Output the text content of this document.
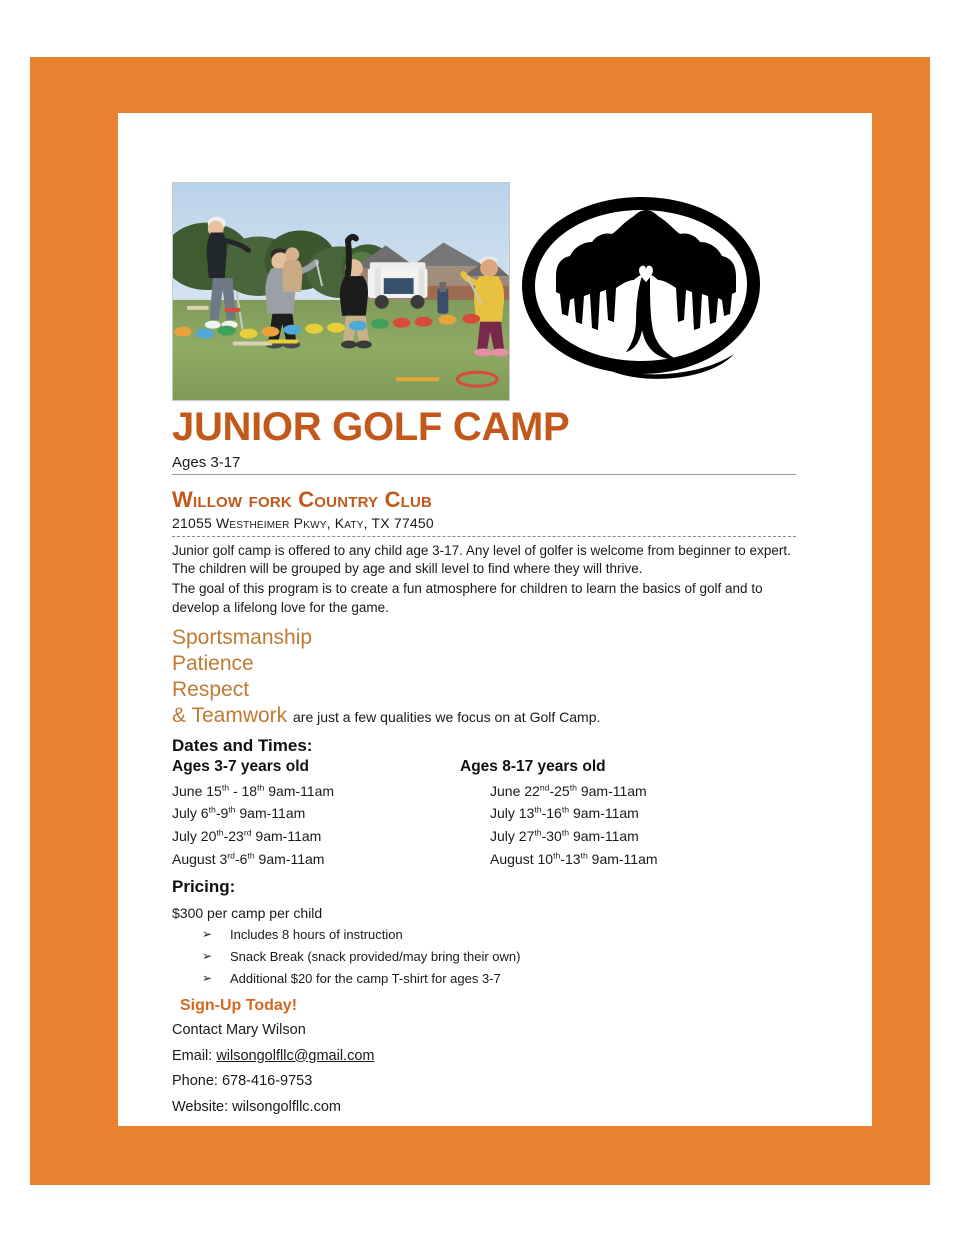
JUNIOR GOLF CAMP
Ages 3-17
Willow fork Country Club
21055 Westheimer Pkwy, Katy, TX 77450

Junior golf camp is offered to any child age 3-17. Any level of golfer is welcome from beginner to expert. The children will be grouped by age and skill level to find where they will thrive.

The goal of this program is to create a fun atmosphere for children to learn the basics of golf and to develop a lifelong love for the game.

Sportsmanship
Patience
Respect
& Teamwork are just a few qualities we focus on at Golf Camp.
Dates and Times:
Ages 3-7 years old
June 15th - 18th 9am-11am
July 6th-9th 9am-11am
July 20th-23rd 9am-11am
August 3rd-6th 9am-11am
Ages 8-17 years old
June 22nd-25th 9am-11am
July 13th-16th 9am-11am
July 27th-30th 9am-11am
August 10th-13th 9am-11am
Pricing:

$300 per camp per child

➢ Includes 8 hours of instruction
➢ Snack Break (snack provided/may bring their own)
➢ Additional $20 for the camp T-shirt for ages 3-7
Sign-Up Today!
Contact Mary Wilson
Email: wilsongolfllc@gmail.com
Phone: 678-416-9753
Website: wilsongolfllc.com
